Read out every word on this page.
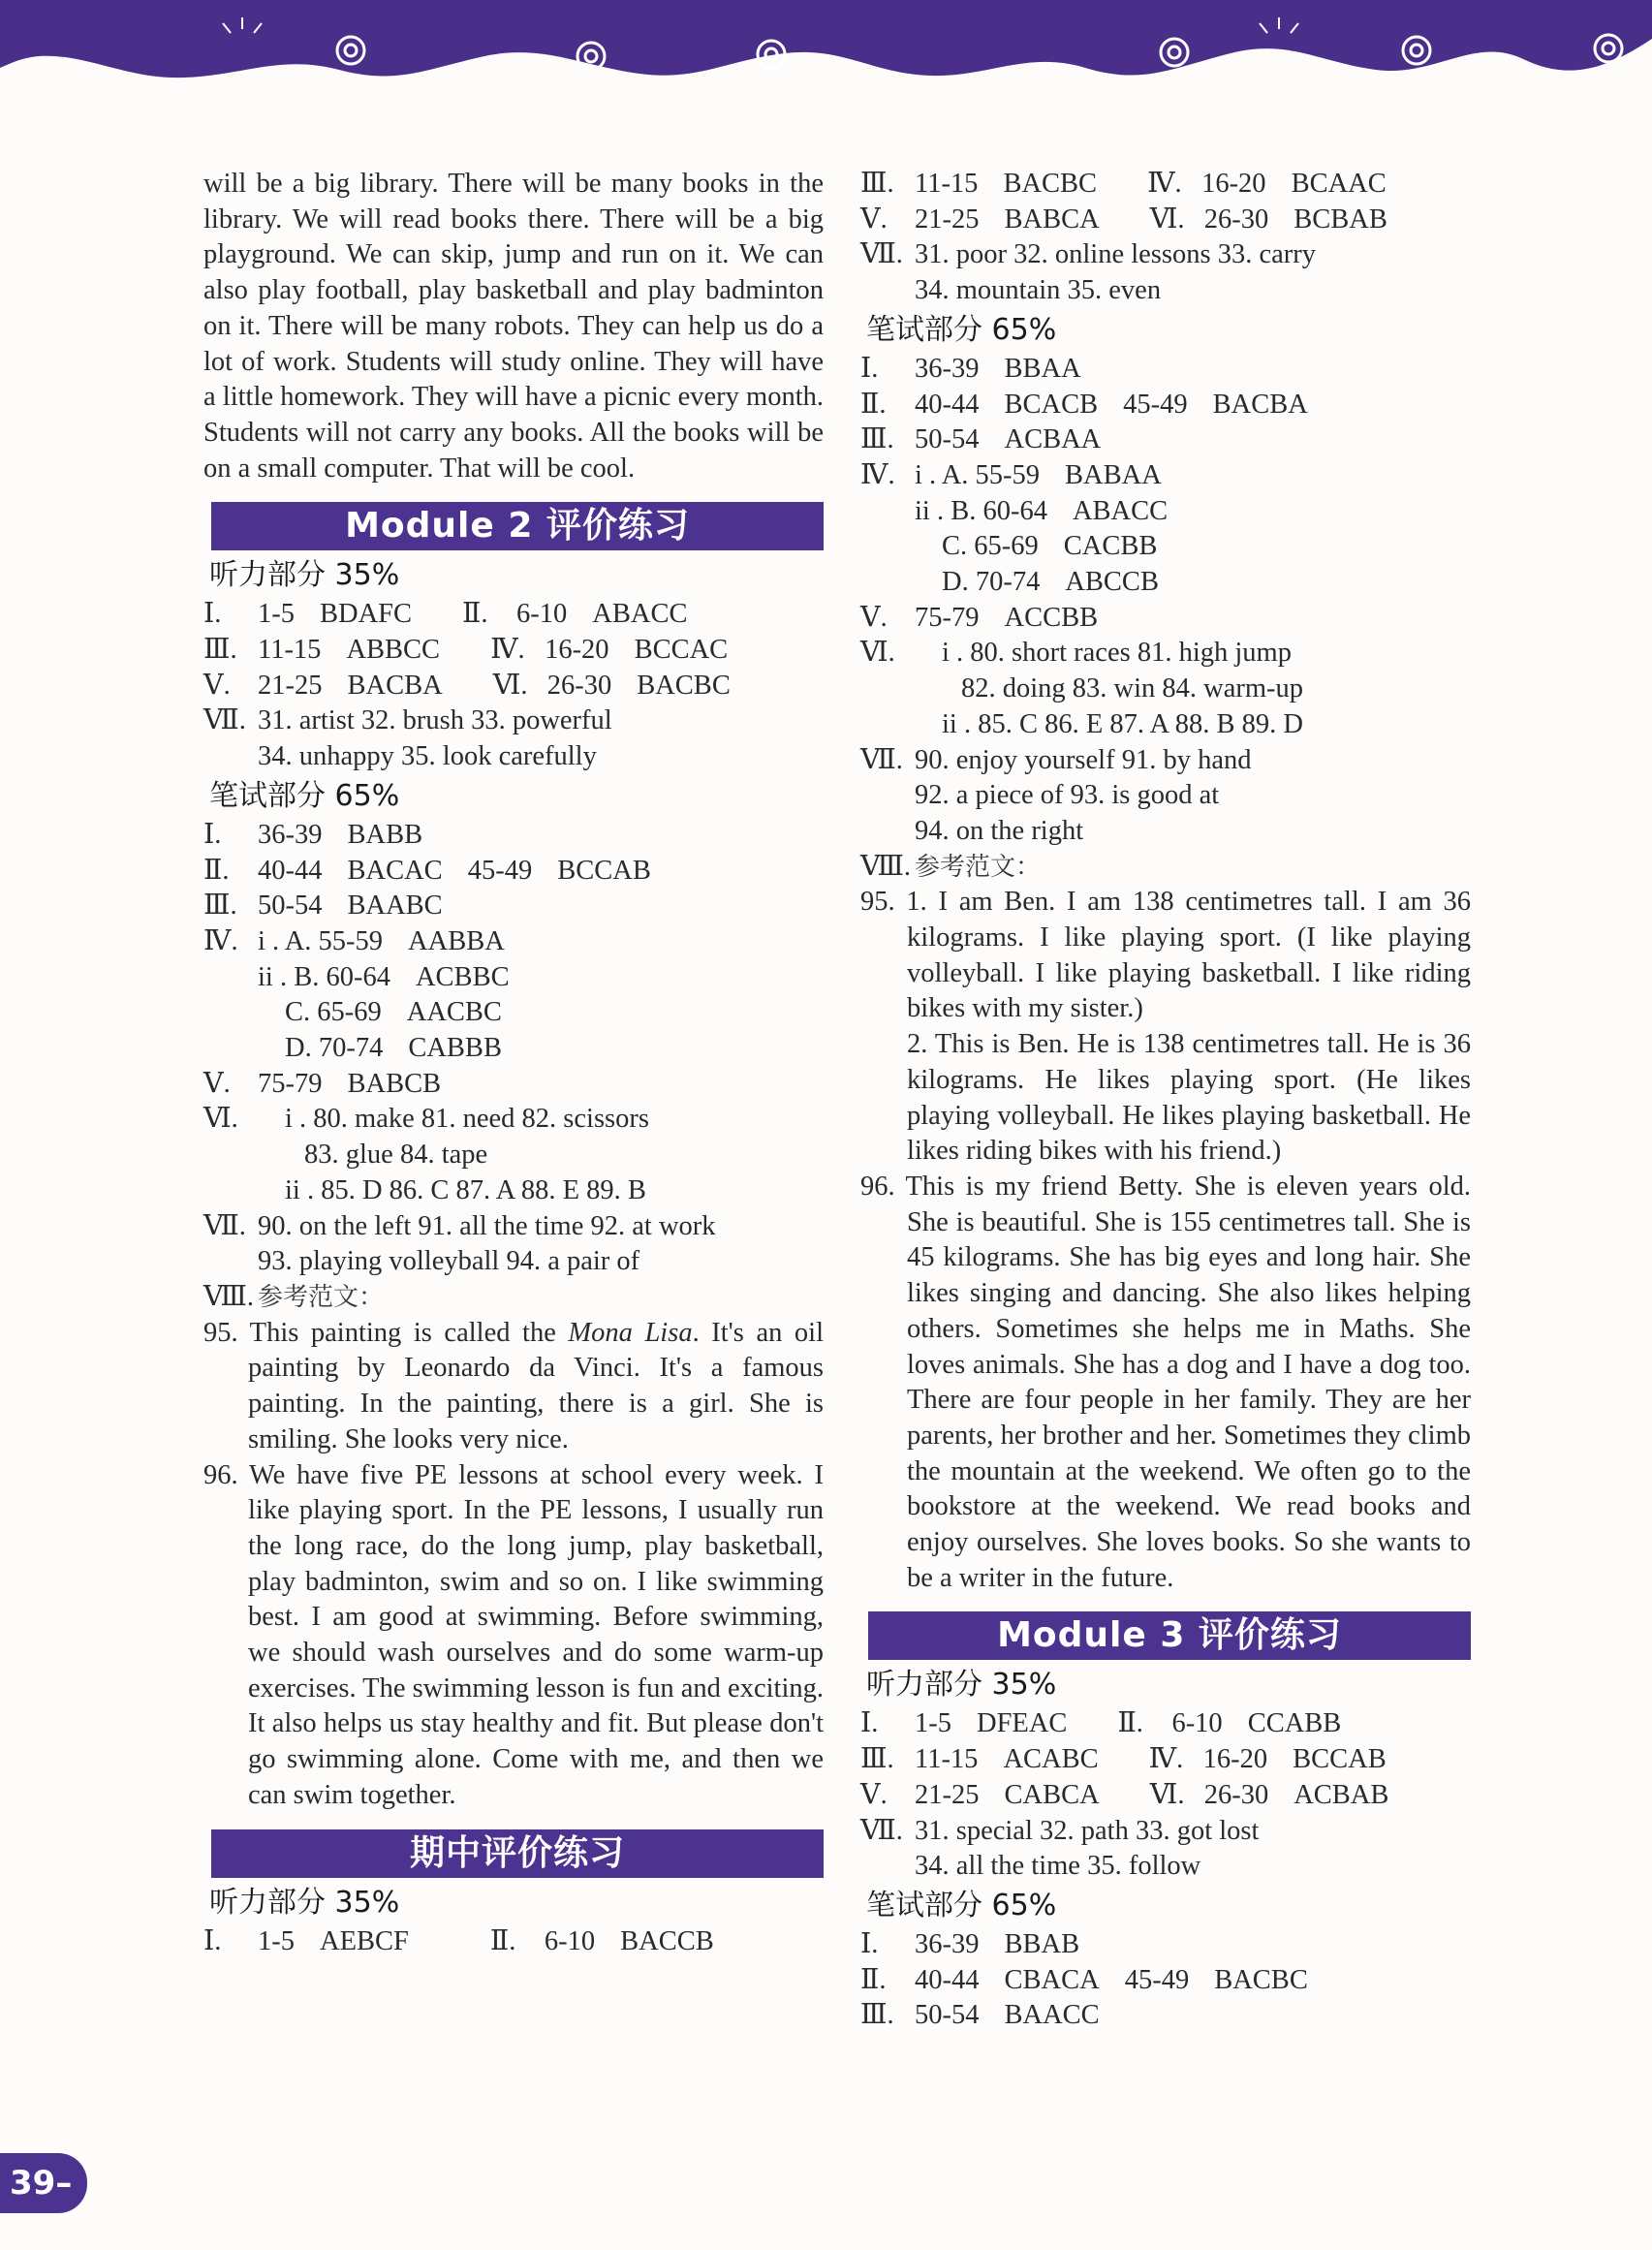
will be a big library. There will be many books in the library. We will read books there. There will be a big playground. We can skip, jump and run on it. We can also play football, play basketball and play badminton on it. There will be many robots. They can help us do a lot of work. Students will study online. They will have a little homework. They will have a picnic every month. Students will not carry any books. All the books will be on a small computer. That will be cool.
Module 2 评价练习
听力部分 35%
Ⅰ.	1-5 BDAFC Ⅱ.	6-10 ABACC
Ⅲ. 11-15 ABBCC Ⅳ. 16-20 BCCAC
Ⅴ. 21-25 BACBA Ⅵ. 26-30 BACBC
Ⅶ. 31. artist 32. brush 33. powerful
34. unhappy 35. look carefully
笔试部分 65%
Ⅰ.	36-39 BABB
Ⅱ.	40-44 BACAC 45-49 BCCAB
Ⅲ. 50-54 BAABC
Ⅳ. i . A. 55-59 AABBA
ii . B. 60-64 ACBBC
C. 65-69 AACBC
D. 70-74 CABBB
Ⅴ. 75-79 BABCB
Ⅵ.	i . 80. make 81. need 82. scissors
83. glue 84. tape
ii . 85. D 86. C 87. A 88. E 89. B
Ⅶ. 90. on the left 91. all the time 92. at work
93. playing volleyball 94. a pair of
Ⅷ. 参考范文：
95. This painting is called the Mona Lisa. It's an oil painting by Leonardo da Vinci. It's a famous painting. In the painting, there is a girl. She is smiling. She looks very nice.
96. We have five PE lessons at school every week. I like playing sport. In the PE lessons, I usually run the long race, do the long jump, play basketball, play badminton, swim and so on. I like swimming best. I am good at swimming. Before swimming, we should wash ourselves and do some warm-up exercises. The swimming lesson is fun and exciting. It also helps us stay healthy and fit. But please don't go swimming alone. Come with me, and then we can swim together.
期中评价练习
听力部分 35%
Ⅰ.	1-5 AEBCF	Ⅱ.	6-10 BACCB
Ⅲ. 11-15 BACBC Ⅳ. 16-20 BCAAC
Ⅴ. 21-25 BABCA Ⅵ. 26-30 BCBAB
Ⅶ. 31. poor 32. online lessons 33. carry
34. mountain 35. even
笔试部分 65%
Ⅰ.	36-39 BBAA
Ⅱ.	40-44 BCACB 45-49 BACBA
Ⅲ. 50-54 ACBAA
Ⅳ. i . A. 55-59 BABAA
ii . B. 60-64 ABACC
C. 65-69 CACBB
D. 70-74 ABCCB
Ⅴ. 75-79 ACCBB
Ⅵ.	i . 80. short races 81. high jump
82. doing 83. win 84. warm-up
ii . 85. C 86. E 87. A 88. B 89. D
Ⅶ. 90. enjoy yourself 91. by hand
92. a piece of 93. is good at
94. on the right
Ⅷ. 参考范文：
95. 1. I am Ben. I am 138 centimetres tall. I am 36 kilograms. I like playing sport. (I like playing volleyball. I like playing basketball. I like riding bikes with my sister.)
2. This is Ben. He is 138 centimetres tall. He is 36 kilograms. He likes playing sport. (He likes playing volleyball. He likes playing basketball. He likes riding bikes with his friend.)
96. This is my friend Betty. She is eleven years old. She is beautiful. She is 155 centimetres tall. She is 45 kilograms. She has big eyes and long hair. She likes singing and dancing. She also likes helping others. Sometimes she helps me in Maths. She loves animals. She has a dog and I have a dog too. There are four people in her family. They are her parents, her brother and her. Sometimes they climb the mountain at the weekend. We often go to the bookstore at the weekend. We read books and enjoy ourselves. She loves books. So she wants to be a writer in the future.
Module 3 评价练习
听力部分 35%
Ⅰ.	1-5 DFEAC Ⅱ.	6-10 CCABB
Ⅲ. 11-15 ACABC Ⅳ. 16-20 BCCAB
Ⅴ. 21-25 CABCA Ⅵ. 26-30 ACBAB
Ⅶ. 31. special 32. path 33. got lost
34. all the time 35. follow
笔试部分 65%
Ⅰ.	36-39 BBAB
Ⅱ.	40-44 CBACA 45-49 BACBC
Ⅲ. 50-54 BAACC
39–
